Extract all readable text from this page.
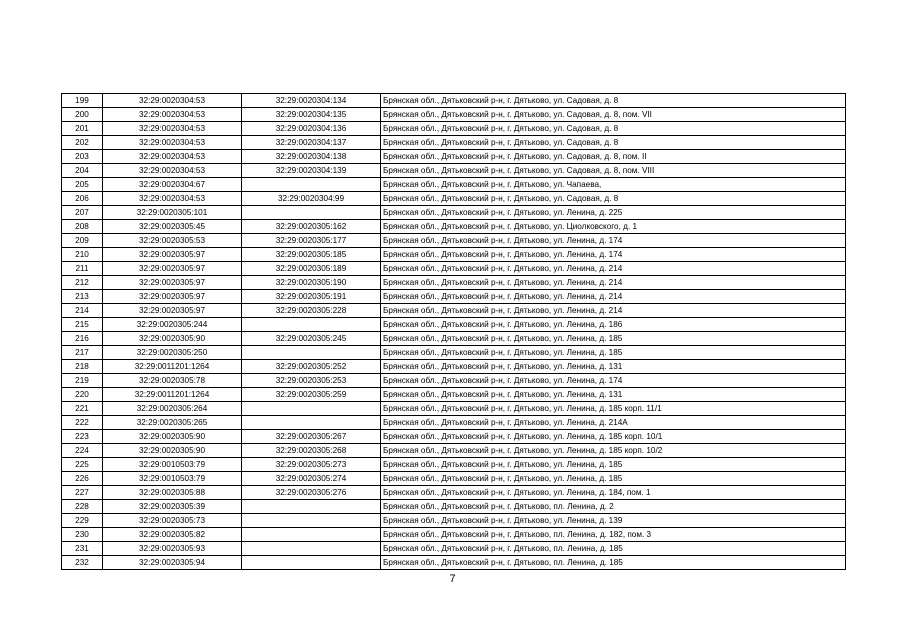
199	32:29:0020304:53	32:29:0020304:134	Брянская обл., Дятьковский р-н, г. Дятьково, ул. Садовая, д. 8
200	32:29:0020304:53	32:29:0020304:135	Брянская обл., Дятьковский р-н, г. Дятьково, ул. Садовая, д. 8, пом. VII
201	32:29:0020304:53	32:29:0020304:136	Брянская обл., Дятьковский р-н, г. Дятьково, ул. Садовая, д. 8
202	32:29:0020304:53	32:29:0020304:137	Брянская обл., Дятьковский р-н, г. Дятьково, ул. Садовая, д. 8
203	32:29:0020304:53	32:29:0020304:138	Брянская обл., Дятьковский р-н, г. Дятьково, ул. Садовая, д. 8, пом. II
204	32:29:0020304:53	32:29:0020304:139	Брянская обл., Дятьковский р-н, г. Дятьково, ул. Садовая, д. 8, пом. VIII
205	32:29:0020304:67		Брянская обл., Дятьковский р-н, г. Дятьково, ул. Чапаева,
206	32:29:0020304:53	32:29:0020304:99	Брянская обл., Дятьковский р-н, г. Дятьково, ул. Садовая, д. 8
207	32:29:0020305:101		Брянская обл., Дятьковский р-н, г. Дятьково, ул. Ленина, д. 225
208	32:29:0020305:45	32:29:0020305:162	Брянская обл., Дятьковский р-н, г. Дятьково, ул. Циолковского, д. 1
209	32:29:0020305:53	32:29:0020305:177	Брянская обл., Дятьковский р-н, г. Дятьково, ул. Ленина, д. 174
210	32:29:0020305:97	32:29:0020305:185	Брянская обл., Дятьковский р-н, г. Дятьково, ул. Ленина, д. 174
211	32:29:0020305:97	32:29:0020305:189	Брянская обл., Дятьковский р-н, г. Дятьково, ул. Ленина, д. 214
212	32:29:0020305:97	32:29:0020305:190	Брянская обл., Дятьковский р-н, г. Дятьково, ул. Ленина, д. 214
213	32:29:0020305:97	32:29:0020305:191	Брянская обл., Дятьковский р-н, г. Дятьково, ул. Ленина, д. 214
214	32:29:0020305:97	32:29:0020305:228	Брянская обл., Дятьковский р-н, г. Дятьково, ул. Ленина, д. 214
215	32:29:0020305:244		Брянская обл., Дятьковский р-н, г. Дятьково, ул. Ленина, д. 186
216	32:29:0020305:90	32:29:0020305:245	Брянская обл., Дятьковский р-н, г. Дятьково, ул. Ленина, д. 185
217	32:29:0020305:250		Брянская обл., Дятьковский р-н, г. Дятьково, ул. Ленина, д. 185
218	32:29:0011201:1264	32:29:0020305:252	Брянская обл., Дятьковский р-н, г. Дятьково, ул. Ленина, д. 131
219	32:29:0020305:78	32:29:0020305:253	Брянская обл., Дятьковский р-н, г. Дятьково, ул. Ленина, д. 174
220	32:29:0011201:1264	32:29:0020305:259	Брянская обл., Дятьковский р-н, г. Дятьково, ул. Ленина, д. 131
221	32:29:0020305:264		Брянская обл., Дятьковский р-н, г. Дятьково, ул. Ленина, д. 185 корп. 11/1
222	32:29:0020305:265		Брянская обл., Дятьковский р-н, г. Дятьково, ул. Ленина, д. 214А
223	32:29:0020305:90	32:29:0020305:267	Брянская обл., Дятьковский р-н, г. Дятьково, ул. Ленина, д. 185 корп. 10/1
224	32:29:0020305:90	32:29:0020305:268	Брянская обл., Дятьковский р-н, г. Дятьково, ул. Ленина, д. 185 корп. 10/2
225	32:29:0010503:79	32:29:0020305:273	Брянская обл., Дятьковский р-н, г. Дятьково, ул. Ленина, д. 185
226	32:29:0010503:79	32:29:0020305:274	Брянская обл., Дятьковский р-н, г. Дятьково, ул. Ленина, д. 185
227	32:29:0020305:88	32:29:0020305:276	Брянская обл., Дятьковский р-н, г. Дятьково, ул. Ленина, д. 184, пом. 1
228	32:29:0020305:39		Брянская обл., Дятьковский р-н, г. Дятьково, пл. Ленина, д. 2
229	32:29:0020305:73		Брянская обл., Дятьковский р-н, г. Дятьково, ул. Ленина, д. 139
230	32:29:0020305:82		Брянская обл., Дятьковский р-н, г. Дятьково, пл. Ленина, д. 182, пом. 3
231	32:29:0020305:93		Брянская обл., Дятьковский р-н, г. Дятьково, пл. Ленина, д. 185
232	32:29:0020305:94		Брянская обл., Дятьковский р-н, г. Дятьково, пл. Ленина, д. 185
7
